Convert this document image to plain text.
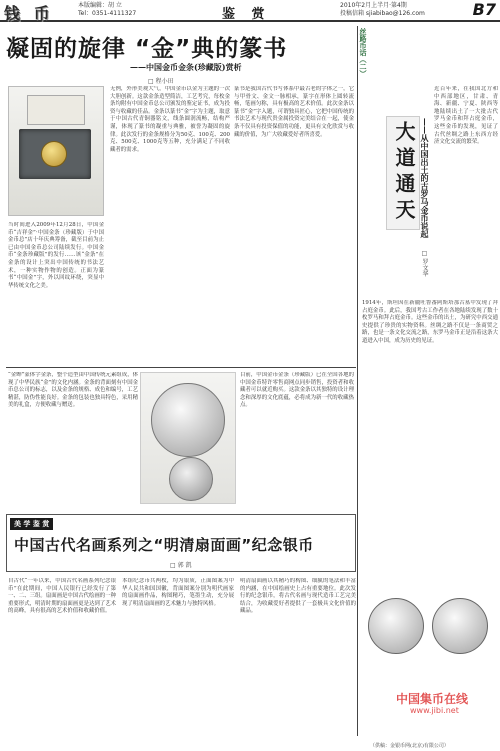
钱 币	本版编辑：胡 立
Tel：0351-4111327	鉴 赏
2010年2月上半月·第4期
投稿信箱 sjiabibao@126.com	B7
凝固的旋律 “金”典的篆书
——中国金币金条(珍藏版)赏析
□ 程小田
当时间进入2009年12月28日，中国金币“吉祥金”·中国金条（珍藏版）于中国金币总”店十年庆典筹备，截至目前为止已由中国金币总公司陆续发行。中国金币“金条珍藏版”的发行……该“金条”在金条的设计上突出中国传统的书法艺术，一种实物作物的创造。正面为篆书“中国金”字，外以回纹环绕，突显中华传统文化之美。
无例，外形美观大气，中国金币以金为主题的一次大胆创新。这款金条造型简洁，工艺考究，每枚金条均附有中国金币总公司颁发的鉴定证书，成为投资与收藏的佳品。金条以篆书“金”字为主题，取意于中国古代青铜器铭文，线条圆润流畅，结构严谨，体现了篆书的凝重与典雅，被誉为凝固的旋律。此次发行的金条规格分为50克、100克、200克、500克、1000克等五种，充分满足了不同收藏者的需求。
篆书是我国古代书写体系中最古老的字体之一，它与甲骨文、金文一脉相承，篆字在形体上圆转流畅，笔画匀称，具有极高的艺术价值。此次金条以篆书“金”字入题，可谓独具匠心，它把中国传统的书法艺术与现代贵金属投资完美结合在一起，使金条不仅具有投资保值的功能，更具有文化欣赏与收藏的价值，为广大收藏爱好者所喜爱。
“金蝉”篆体字金条，整个造型由中国传统元素组成，体现了中华民族“金”的文化内涵。金条的背面刻有中国金币总公司的标志，以及金条的规格、成色和编号，工艺精湛，防伪性能良好。金条的包装也独具特色，采用精美的礼盒，方便收藏与赠送。
目前，中国金币金条（珍藏版）已在全国各地的中国金币特许零售商网点同步销售，投资者和收藏者可以就近购买。这款金条以其独特的设计理念和深厚的文化底蕴，必将成为新一代的收藏热点。
丝路币话（二）
大道通天 ——从中国出土的古罗马金币说起
□ 罗文华
近百年来，在我国北方和中西部地区，甘肃、青海、新疆、宁夏、陕西等地陆续出土了一大批古代罗马金币和拜占庭金币，这些金币的发现，见证了古代丝绸之路上东西方经济文化交流的繁荣。
1914年，斯坦因在新疆吐鲁番阿斯塔那古墓中发现了拜占庭金币。此后，我国考古工作者在各地陆续发现了数十枚罗马和拜占庭金币。这些金币的出土，为研究中西交通史提供了珍贵的实物资料。丝绸之路不仅是一条商贸之路，也是一条文化交流之路，东罗马金币正是沿着这条大道进入中国，成为历史的见证。
美 学 鉴 赏
中国古代名画系列之“明清扇面画”纪念银币
□ 郭 凯
自古代“一年以来，中国古代名画系列纪念银币”在此期间，中国人民银行已经发行了第一、二、三组。扇面画是中国古代绘画的一种重要形式，明清时期的扇面画更是达到了艺术的高峰，具有很高的艺术价值和收藏价值。
本组纪念币共两枚，均为银质，正面图案为中华人民共和国国徽，背面图案分别为明代画家的扇面画作品，构图精巧，笔墨生动，充分展现了明清扇面画的艺术魅力与独特风格。
明清扇面画以其精巧的构图、细腻的笔法和丰富的内涵，在中国绘画史上占有重要地位。此次发行的纪念银币，将古代名画与现代造币工艺完美结合，为收藏爱好者提供了一套极具文化价值的藏品。
中国集币在线
www.jibi.net
（供稿：金银币网(北京)有限公司）
